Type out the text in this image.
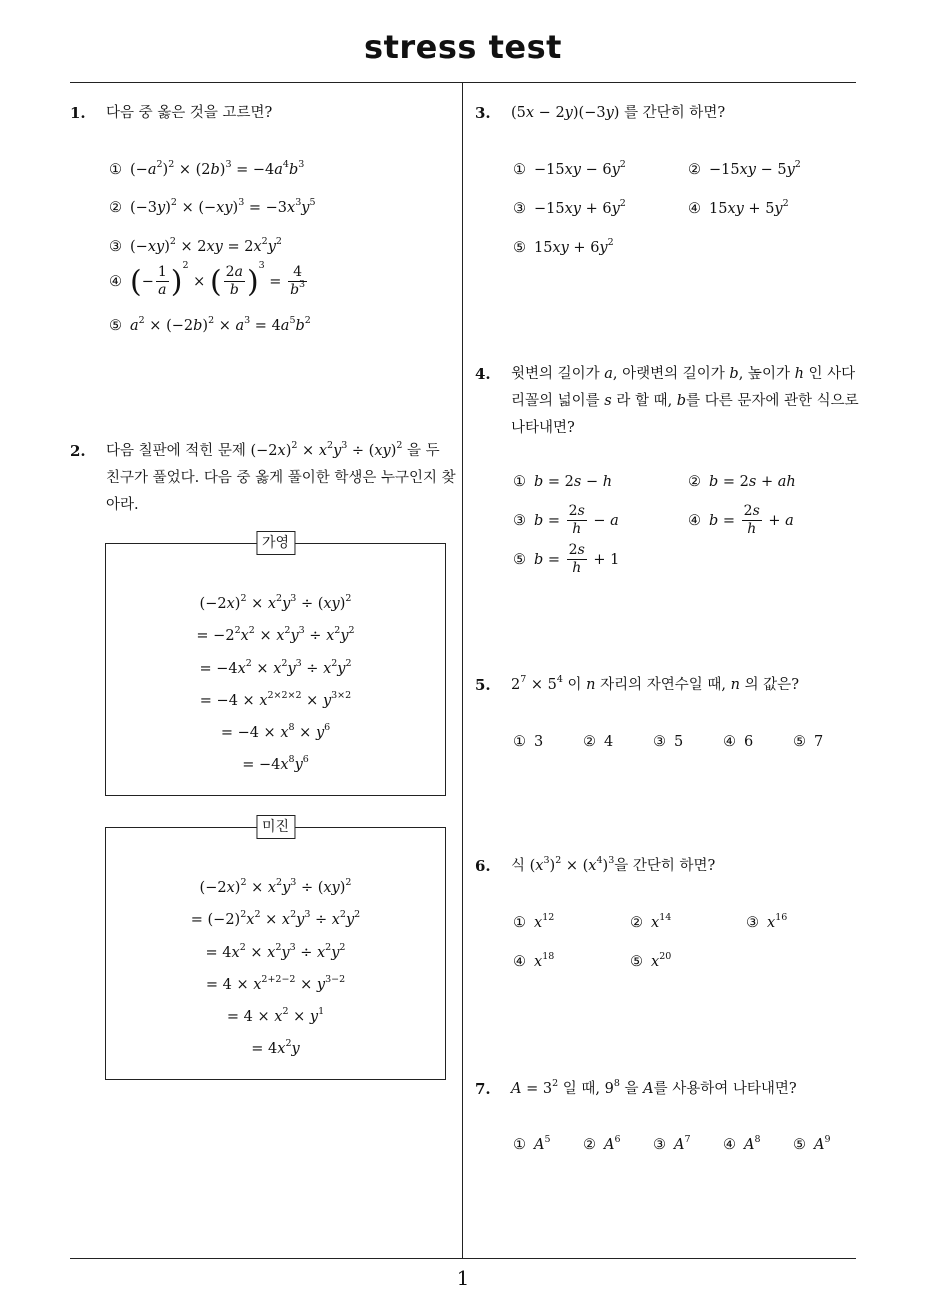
stress test
1
1. 다음 중 옳은 것을 고르면?
① $(-a^2)^2 \times (2b)^3 = -4a^4b^3$
② $(-3y)^2 \times (-xy)^3 = -3x^3y^5$
③ $(-xy)^2 \times 2xy = 2x^2y^2$
④ (− $\frac{1}{a} )^2$ × ( $\frac{2a}{b} )^3 = \frac{4}{b^3}$
⑤ $a^2 \times (-2b)^2 \times a^3 = 4a^5b^2$
2. 다음 칠판에 적힌 문제 $(-2x)^2 \times x^2y^3 \div (xy)^2$ 을 두 친구가 풀었다. 다음 중 옳게 풀이한 학생은 누구인지 찾아라.
가영
$(-2x)^2 \times x^2y^3 \div (xy)^2$
= $-2^2x^2 \times x^2y^3 \div x^2y^2$
= $-4x^2 \times x^2y^3 \div x^2y^2$
= $-4 \times x^{2\times 2\times 2} \times y^{3\times 2}$
= $-4 \times x^8 \times y^6$
= $-4x^8y^6$
미진
$(-2x)^2 \times x^2y^3 \div (xy)^2$
= $(-2)^2x^2 \times x^2y^3 \div x^2y^2$
= $4x^2 \times x^2y^3 \div x^2y^2$
= $4 \times x^{2+2-2} \times y^{3-2}$
= $4 \times x^2 \times y^1$
= $4x^2y$
3. (5x − 2y)(−3y) 를 간단히 하면?
① $-15xy - 6y^2$	② $-15xy - 5y^2$
③ $-15xy + 6y^2$	④ $15xy + 5y^2$
⑤ $15xy + 6y^2$
4. 윗변의 길이가 a, 아랫변의 길이가 b, 높이가 h 인 사다리꼴의 넓이를 s 라 할 때, b를 다른 문자에 관한 식으로 나타내면?
① b = 2s − h	② b = 2s + ah
③ $b = \frac{2s}{h} - a$	④ $b = \frac{2s}{h} + a$
⑤ $b = \frac{2s}{h} + 1$
5. $2^7 \times 5^4$ 이 n 자리의 자연수일 때, n 의 값은?
① 3	② 4	③ 5	④ 6	⑤ 7
6. 식 $(x^3)^2 \times (x^4)^3$을 간단히 하면?
① $x^{12}$	② $x^{14}$	③ $x^{16}$
④ $x^{18}$	⑤ $x^{20}$
7. $A = 3^2$ 일 때, $9^8$ 을 A를 사용하여 나타내면?
① $A^5$ ② $A^6$ ③ $A^7$ ④ $A^8$ ⑤ $A^9$
